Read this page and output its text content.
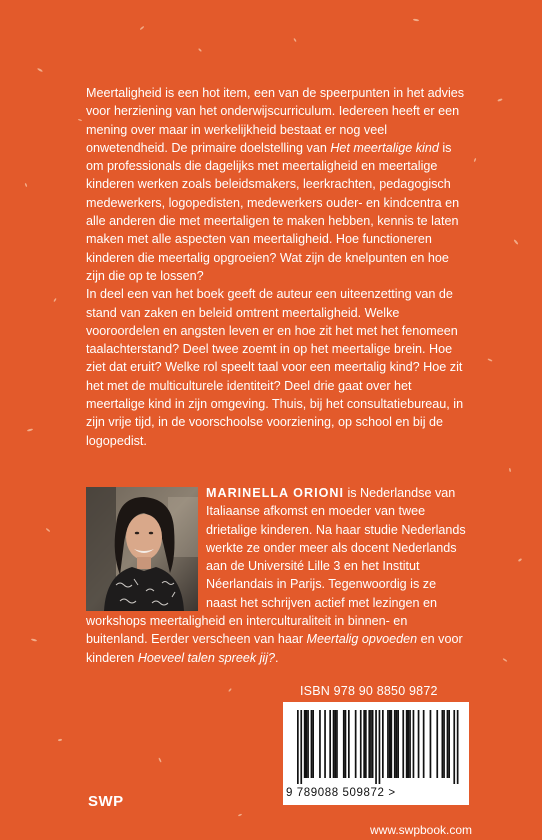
Meertaligheid is een hot item, een van de speerpunten in het advies voor herziening van het onderwijscurriculum. Iedereen heeft er een mening over maar in werkelijkheid bestaat er nog veel onwetendheid. De primaire doelstelling van Het meertalige kind is om professionals die dagelijks met meertaligheid en meertalige kinderen werken zoals beleidsmakers, leerkrachten, pedagogisch medewerkers, logopedisten, medewerkers ouder- en kindcentra en alle anderen die met meertaligen te maken hebben, kennis te laten maken met alle aspecten van meertaligheid. Hoe functioneren kinderen die meertalig opgroeien? Wat zijn de knelpunten en hoe zijn die op te lossen?

In deel een van het boek geeft de auteur een uiteenzetting van de stand van zaken en beleid omtrent meertaligheid. Welke vooroordelen en angsten leven er en hoe zit het met het fenomeen taalachterstand? Deel twee zoemt in op het meertalige brein. Hoe ziet dat eruit? Welke rol speelt taal voor een meertalig kind? Hoe zit het met de multiculturele identiteit? Deel drie gaat over het meertalige kind in zijn omgeving. Thuis, bij het consultatiebureau, in zijn vrije tijd, in de voorschoolse voorziening, op school en bij de logopedist.

MARINELLA ORIONI is Nederlandse van Italiaanse afkomst en moeder van twee drietalige kinderen. Na haar studie Nederlands werkte ze onder meer als docent Nederlands aan de Université Lille 3 en het Institut Néerlandais in Parijs. Tegenwoordig is ze naast het schrijven actief met lezingen en workshops meertaligheid en interculturaliteit in binnen- en buitenland. Eerder verscheen van haar Meertalig opvoeden en voor kinderen Hoeveel talen spreek jij?.
ISBN 978 90 8850 9872
9 789088 509872 >
SWP
www.swpbook.com
